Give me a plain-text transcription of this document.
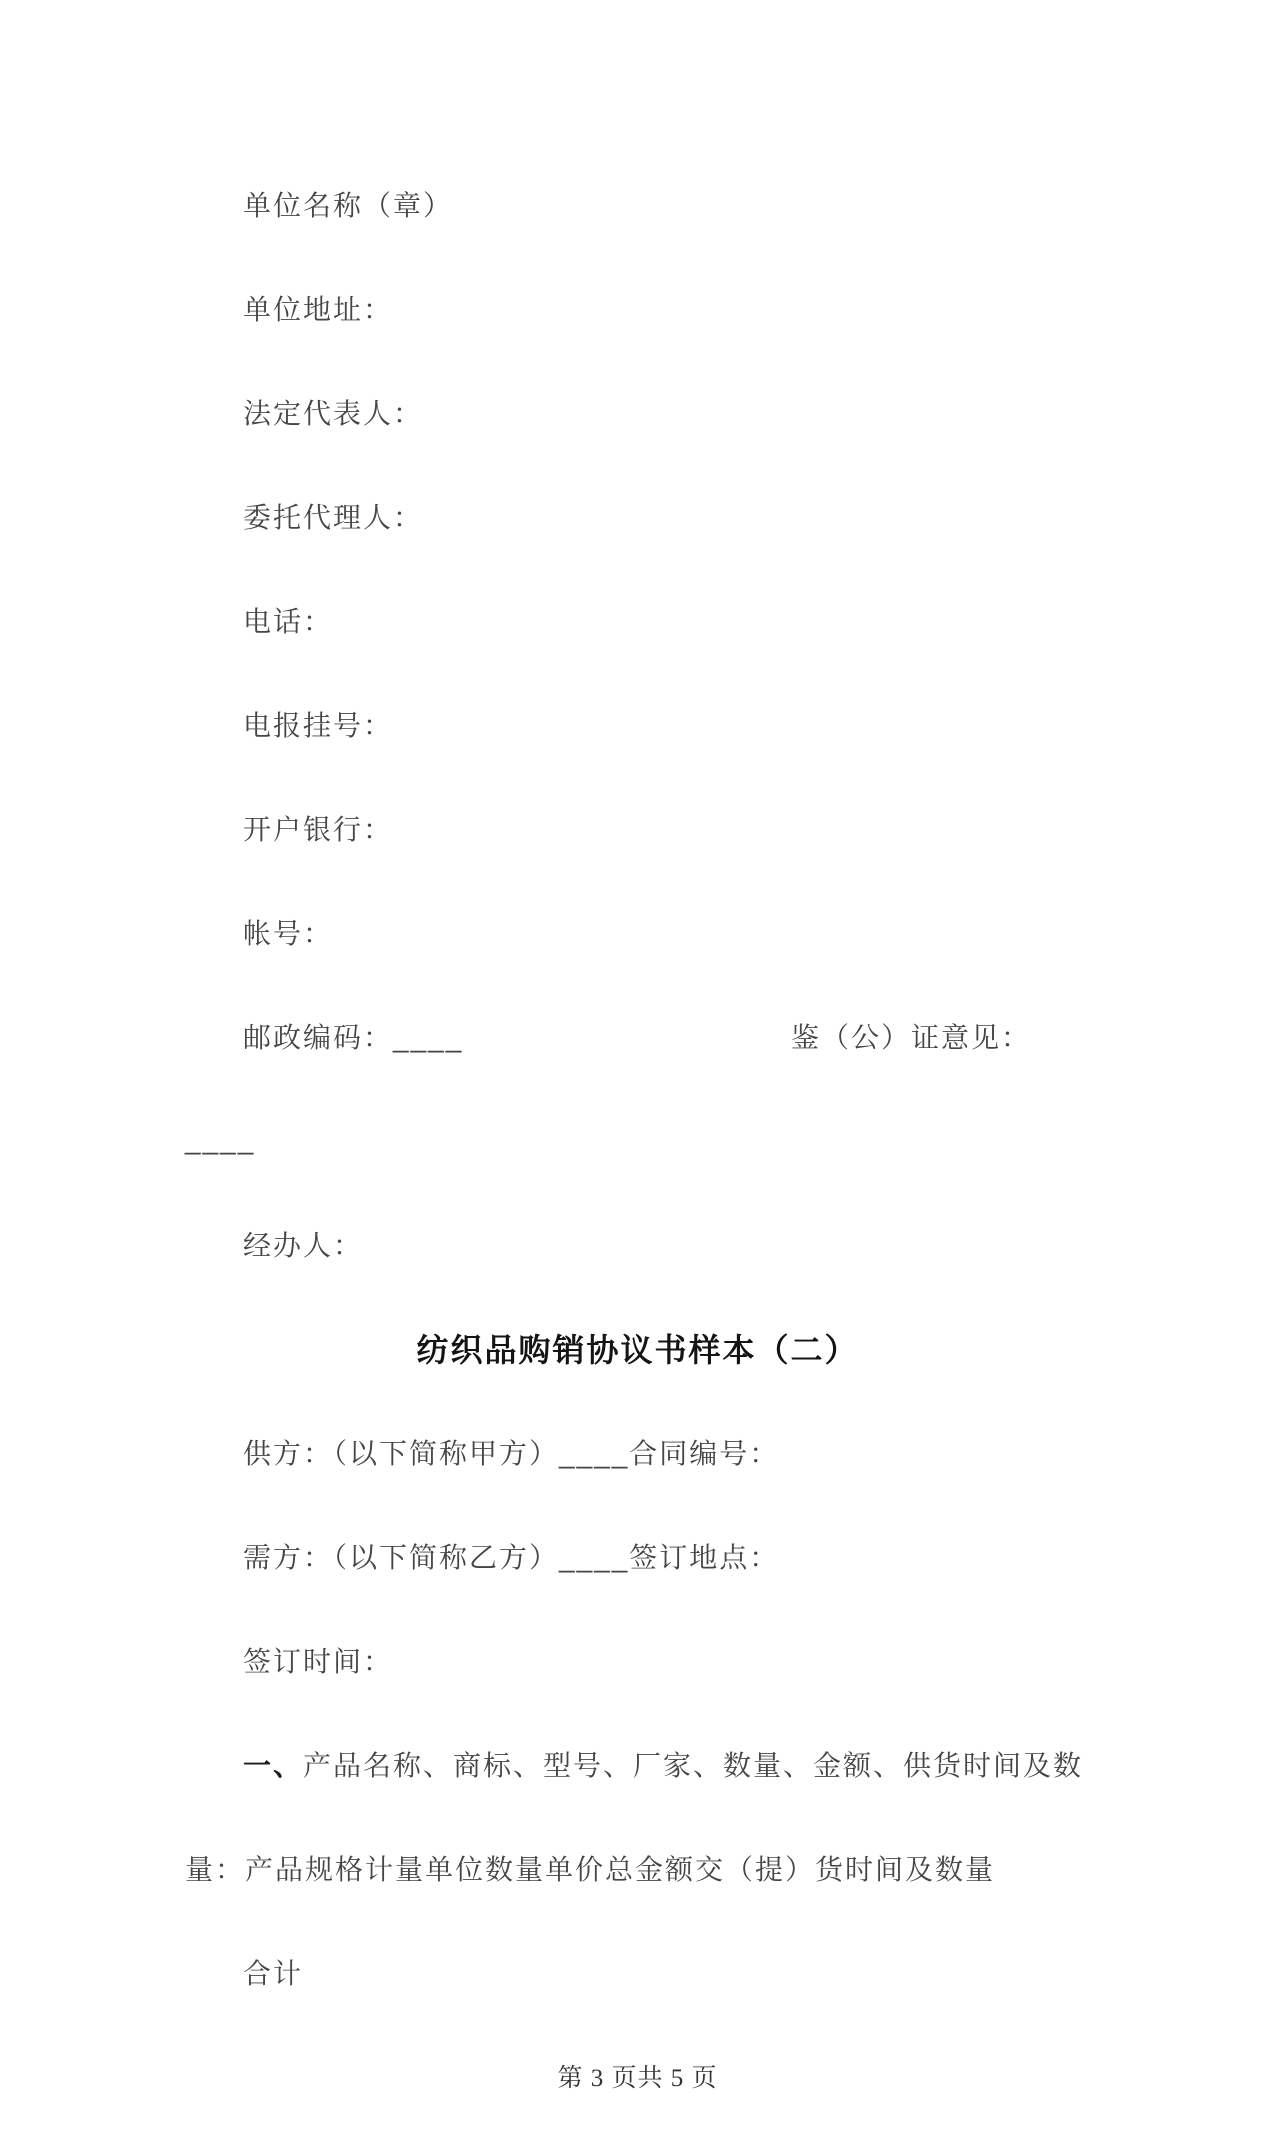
单位名称（章）

单位地址：

法定代表人：

委托代理人：

电话：

电报挂号：

开户银行：

帐号：

邮政编码：____	鉴（公）证意见：

____

经办人：

纺织品购销协议书样本（二）

供方：（以下简称甲方）____合同编号：

需方：（以下简称乙方）____签订地点：

签订时间：

一、 产品名称、商标、型号、厂家、数量、金额、供货时间及数

量：产品规格计量单位数量单价总金额交（提）货时间及数量

合计

第 3 页共 5 页
